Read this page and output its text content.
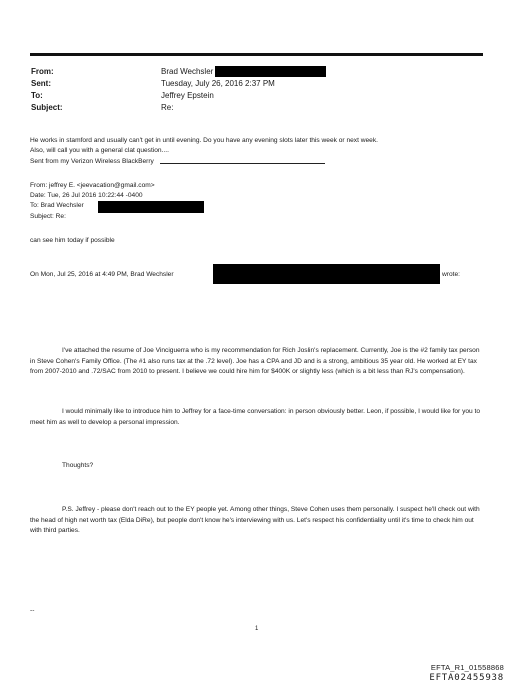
From:	Brad Wechsler
Sent:	Tuesday, July 26, 2016 2:37 PM
To:	Jeffrey Epstein
Subject:	Re:
He works in stamford and usually can't get in until evening. Do you have any evening slots later this week or next week.
Also, will call you with a general clat question....
Sent from my Verizon Wireless BlackBerry
From: jeffrey E. <jeevacation@gmail.com>
Date: Tue, 26 Jul 2016 10:22:44 -0400
To: Brad Wechsler
Subject: Re:
can see him today if possible
On Mon, Jul 25, 2016 at 4:49 PM, Brad Wechsler	wrote:
I've attached the resume of Joe Vinciguerra who is my recommendation for Rich Joslin's replacement. Currently, Joe is the #2 family tax person in Steve Cohen's Family Office. (The #1 also runs tax at the .72 level). Joe has a CPA and JD and is a strong, ambitious 35 year old. He worked at EY tax from 2007-2010 and .72/SAC from 2010 to present. I believe we could hire him for $400K or slightly less (which is a bit less than RJ's compensation).
I would minimally like to introduce him to Jeffrey for a face-time conversation: in person obviously better. Leon, if possible, I would like for you to meet him as well to develop a personal impression.
Thoughts?
P.S. Jeffrey - please don't reach out to the EY people yet. Among other things, Steve Cohen uses them personally. I suspect he'll check out with the head of high net worth tax (Elda DiRe), but people don't know he's interviewing with us. Let's respect his confidentiality until it's time to check him out with third parties.
--
1
EFTA_R1_01558868
EFTA02455938
